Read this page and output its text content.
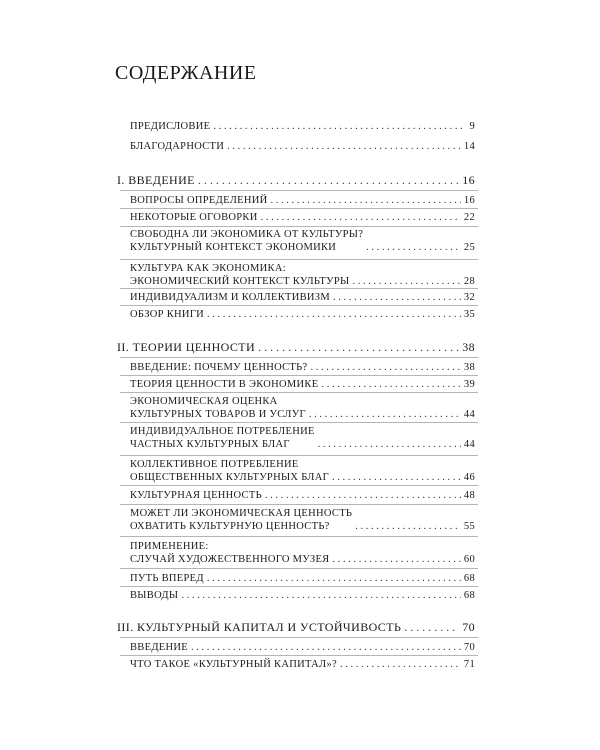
СОДЕРЖАНИЕ
ПРЕДИСЛОВИЕ . . .	9
БЛАГОДАРНОСТИ . . .	14
I. ВВЕДЕНИЕ . . .	16
ВОПРОСЫ ОПРЕДЕЛЕНИЙ . . .	16
НЕКОТОРЫЕ ОГОВОРКИ . . .	22
СВОБОДНА ЛИ ЭКОНОМИКА ОТ КУЛЬТУРЫ?
КУЛЬТУРНЫЙ КОНТЕКСТ ЭКОНОМИКИ . . .	25
КУЛЬТУРА КАК ЭКОНОМИКА:
ЭКОНОМИЧЕСКИЙ КОНТЕКСТ КУЛЬТУРЫ . . .	28
ИНДИВИДУАЛИЗМ И КОЛЛЕКТИВИЗМ . . .	32
ОБЗОР КНИГИ . . .	35
II. ТЕОРИИ ЦЕННОСТИ . . .	38
ВВЕДЕНИЕ: ПОЧЕМУ ЦЕННОСТЬ? . . .	38
ТЕОРИЯ ЦЕННОСТИ В ЭКОНОМИКЕ . . .	39
ЭКОНОМИЧЕСКАЯ ОЦЕНКА
КУЛЬТУРНЫХ ТОВАРОВ И УСЛУГ . . .	44
ИНДИВИДУАЛЬНОЕ ПОТРЕБЛЕНИЕ
ЧАСТНЫХ КУЛЬТУРНЫХ БЛАГ . . .	44
КОЛЛЕКТИВНОЕ ПОТРЕБЛЕНИЕ
ОБЩЕСТВЕННЫХ КУЛЬТУРНЫХ БЛАГ . . .	46
КУЛЬТУРНАЯ ЦЕННОСТЬ . . .	48
МОЖЕТ ЛИ ЭКОНОМИЧЕСКАЯ ЦЕННОСТЬ
ОХВАТИТЬ КУЛЬТУРНУЮ ЦЕННОСТЬ? . . .	55
ПРИМЕНЕНИЕ:
СЛУЧАЙ ХУДОЖЕСТВЕННОГО МУЗЕЯ . . .	60
ПУТЬ ВПЕРЕД . . .	68
ВЫВОДЫ . . .	68
III. КУЛЬТУРНЫЙ КАПИТАЛ И УСТОЙЧИВОСТЬ . . .	70
ВВЕДЕНИЕ . . .	70
ЧТО ТАКОЕ «КУЛЬТУРНЫЙ КАПИТАЛ»? . . .	71
